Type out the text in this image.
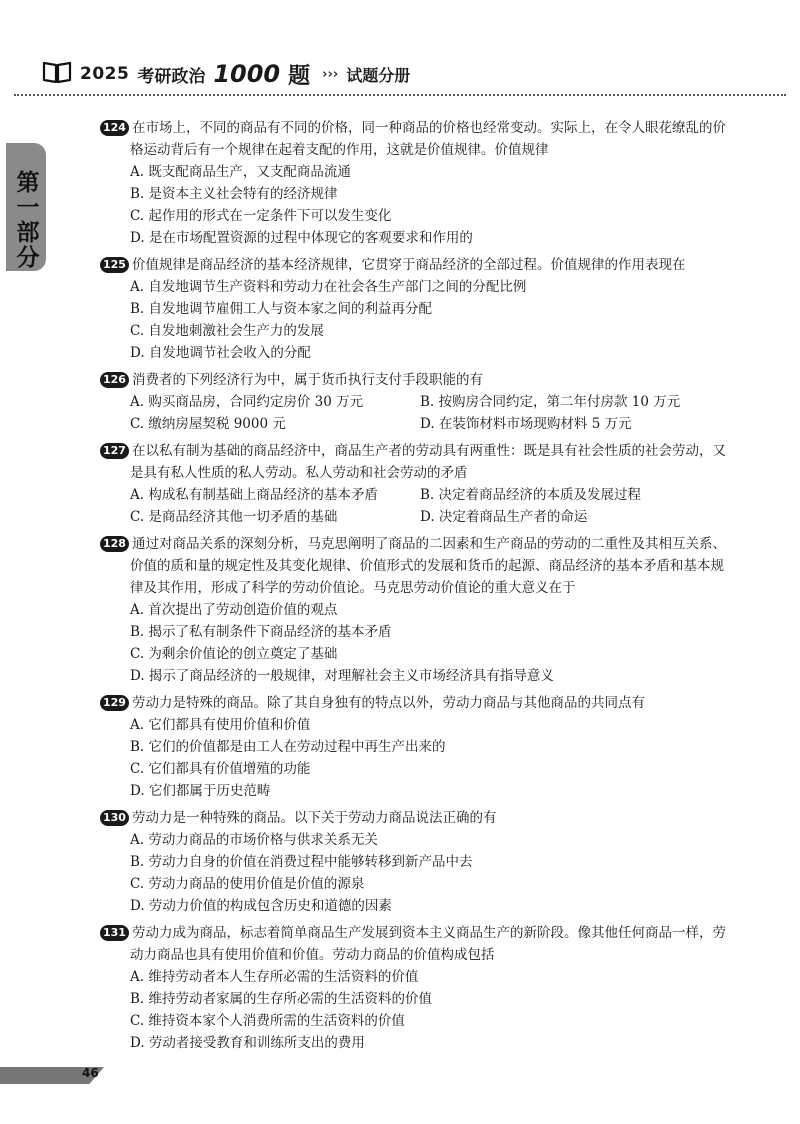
2025 考研政治 1000 题 ››› 试题分册
第一部分

124 在市场上，不同的商品有不同的价格，同一种商品的价格也经常变动。实际上，在令人眼花缭乱的价格运动背后有一个规律在起着支配的作用，这就是价值规律。价值规律

A. 既支配商品生产，又支配商品流通
B. 是资本主义社会特有的经济规律
C. 起作用的形式在一定条件下可以发生变化
D. 是在市场配置资源的过程中体现它的客观要求和作用的

125 价值规律是商品经济的基本经济规律，它贯穿于商品经济的全部过程。价值规律的作用表现在

A. 自发地调节生产资料和劳动力在社会各生产部门之间的分配比例
B. 自发地调节雇佣工人与资本家之间的利益再分配
C. 自发地刺激社会生产力的发展
D. 自发地调节社会收入的分配

126 消费者的下列经济行为中，属于货币执行支付手段职能的有

A. 购买商品房，合同约定房价 30 万元	B. 按购房合同约定，第二年付房款 10 万元
C. 缴纳房屋契税 9000 元	D. 在装饰材料市场现购材料 5 万元

127 在以私有制为基础的商品经济中，商品生产者的劳动具有两重性：既是具有社会性质的社会劳动，又是具有私人性质的私人劳动。私人劳动和社会劳动的矛盾

A. 构成私有制基础上商品经济的基本矛盾	B. 决定着商品经济的本质及发展过程
C. 是商品经济其他一切矛盾的基础	D. 决定着商品生产者的命运

128 通过对商品关系的深刻分析，马克思阐明了商品的二因素和生产商品的劳动的二重性及其相互关系、价值的质和量的规定性及其变化规律、价值形式的发展和货币的起源、商品经济的基本矛盾和基本规律及其作用，形成了科学的劳动价值论。马克思劳动价值论的重大意义在于

A. 首次提出了劳动创造价值的观点
B. 揭示了私有制条件下商品经济的基本矛盾
C. 为剩余价值论的创立奠定了基础
D. 揭示了商品经济的一般规律，对理解社会主义市场经济具有指导意义

129 劳动力是特殊的商品。除了其自身独有的特点以外，劳动力商品与其他商品的共同点有

A. 它们都具有使用价值和价值
B. 它们的价值都是由工人在劳动过程中再生产出来的
C. 它们都具有价值增殖的功能
D. 它们都属于历史范畴

130 劳动力是一种特殊的商品。以下关于劳动力商品说法正确的有

A. 劳动力商品的市场价格与供求关系无关
B. 劳动力自身的价值在消费过程中能够转移到新产品中去
C. 劳动力商品的使用价值是价值的源泉
D. 劳动力价值的构成包含历史和道德的因素

131 劳动力成为商品，标志着简单商品生产发展到资本主义商品生产的新阶段。像其他任何商品一样，劳动力商品也具有使用价值和价值。劳动力商品的价值构成包括

A. 维持劳动者本人生存所必需的生活资料的价值
B. 维持劳动者家属的生存所必需的生活资料的价值
C. 维持资本家个人消费所需的生活资料的价值
D. 劳动者接受教育和训练所支出的费用
46
